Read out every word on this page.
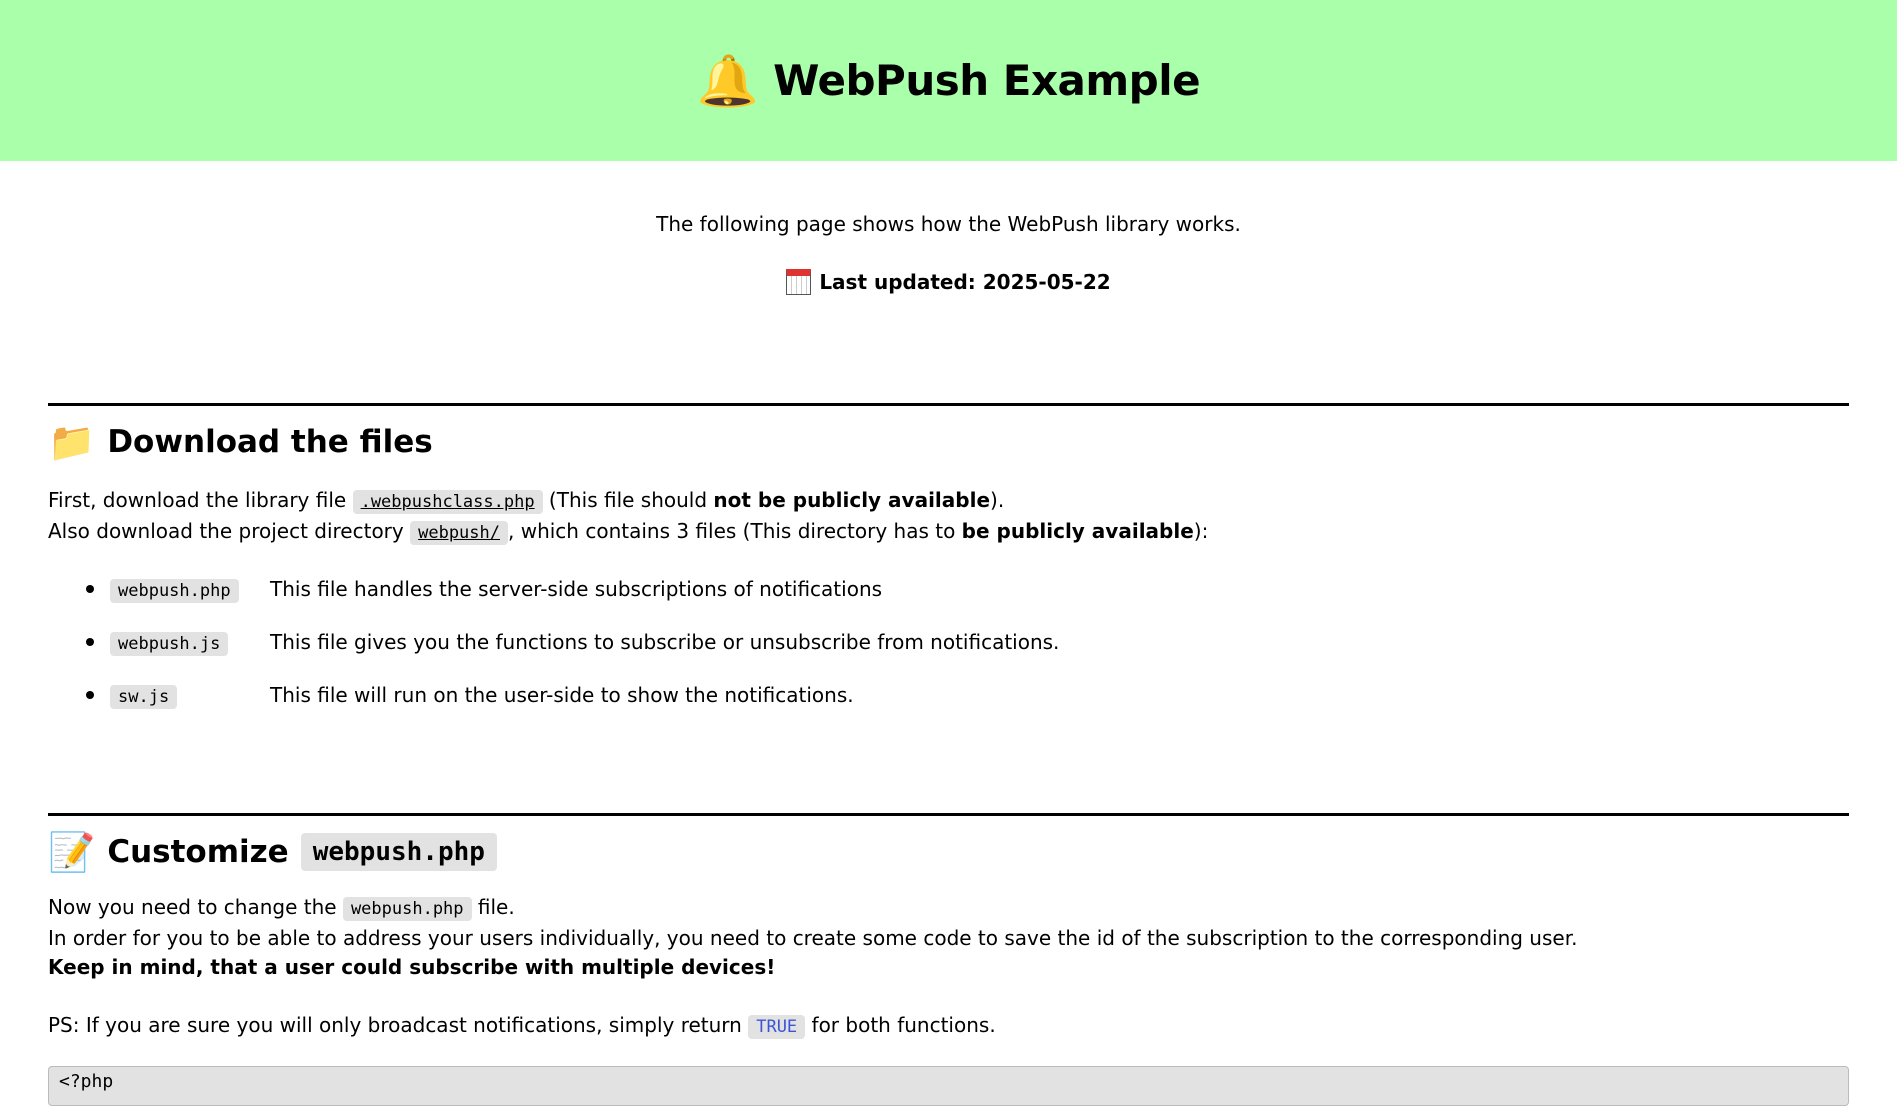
🔔 WebPush Example

The following page shows how the WebPush library works.

Last updated: 2025-05-22
📁 Download the files
First, download the library file .webpushclass.php (This file should not be publicly available).
Also download the project directory webpush/ , which contains 3 files (This directory has to be publicly available):
webpush.php	This file handles the server-side subscriptions of notifications
webpush.js	This file gives you the functions to subscribe or unsubscribe from notifications.
sw.js	This file will run on the user-side to show the notifications.
📝 Customize webpush.php
Now you need to change the webpush.php file.
In order for you to be able to address your users individually, you need to create some code to save the id of the subscription to the corresponding user.
Keep in mind, that a user could subscribe with multiple devices!
PS: If you are sure you will only broadcast notifications, simply return TRUE for both functions.
<?php
